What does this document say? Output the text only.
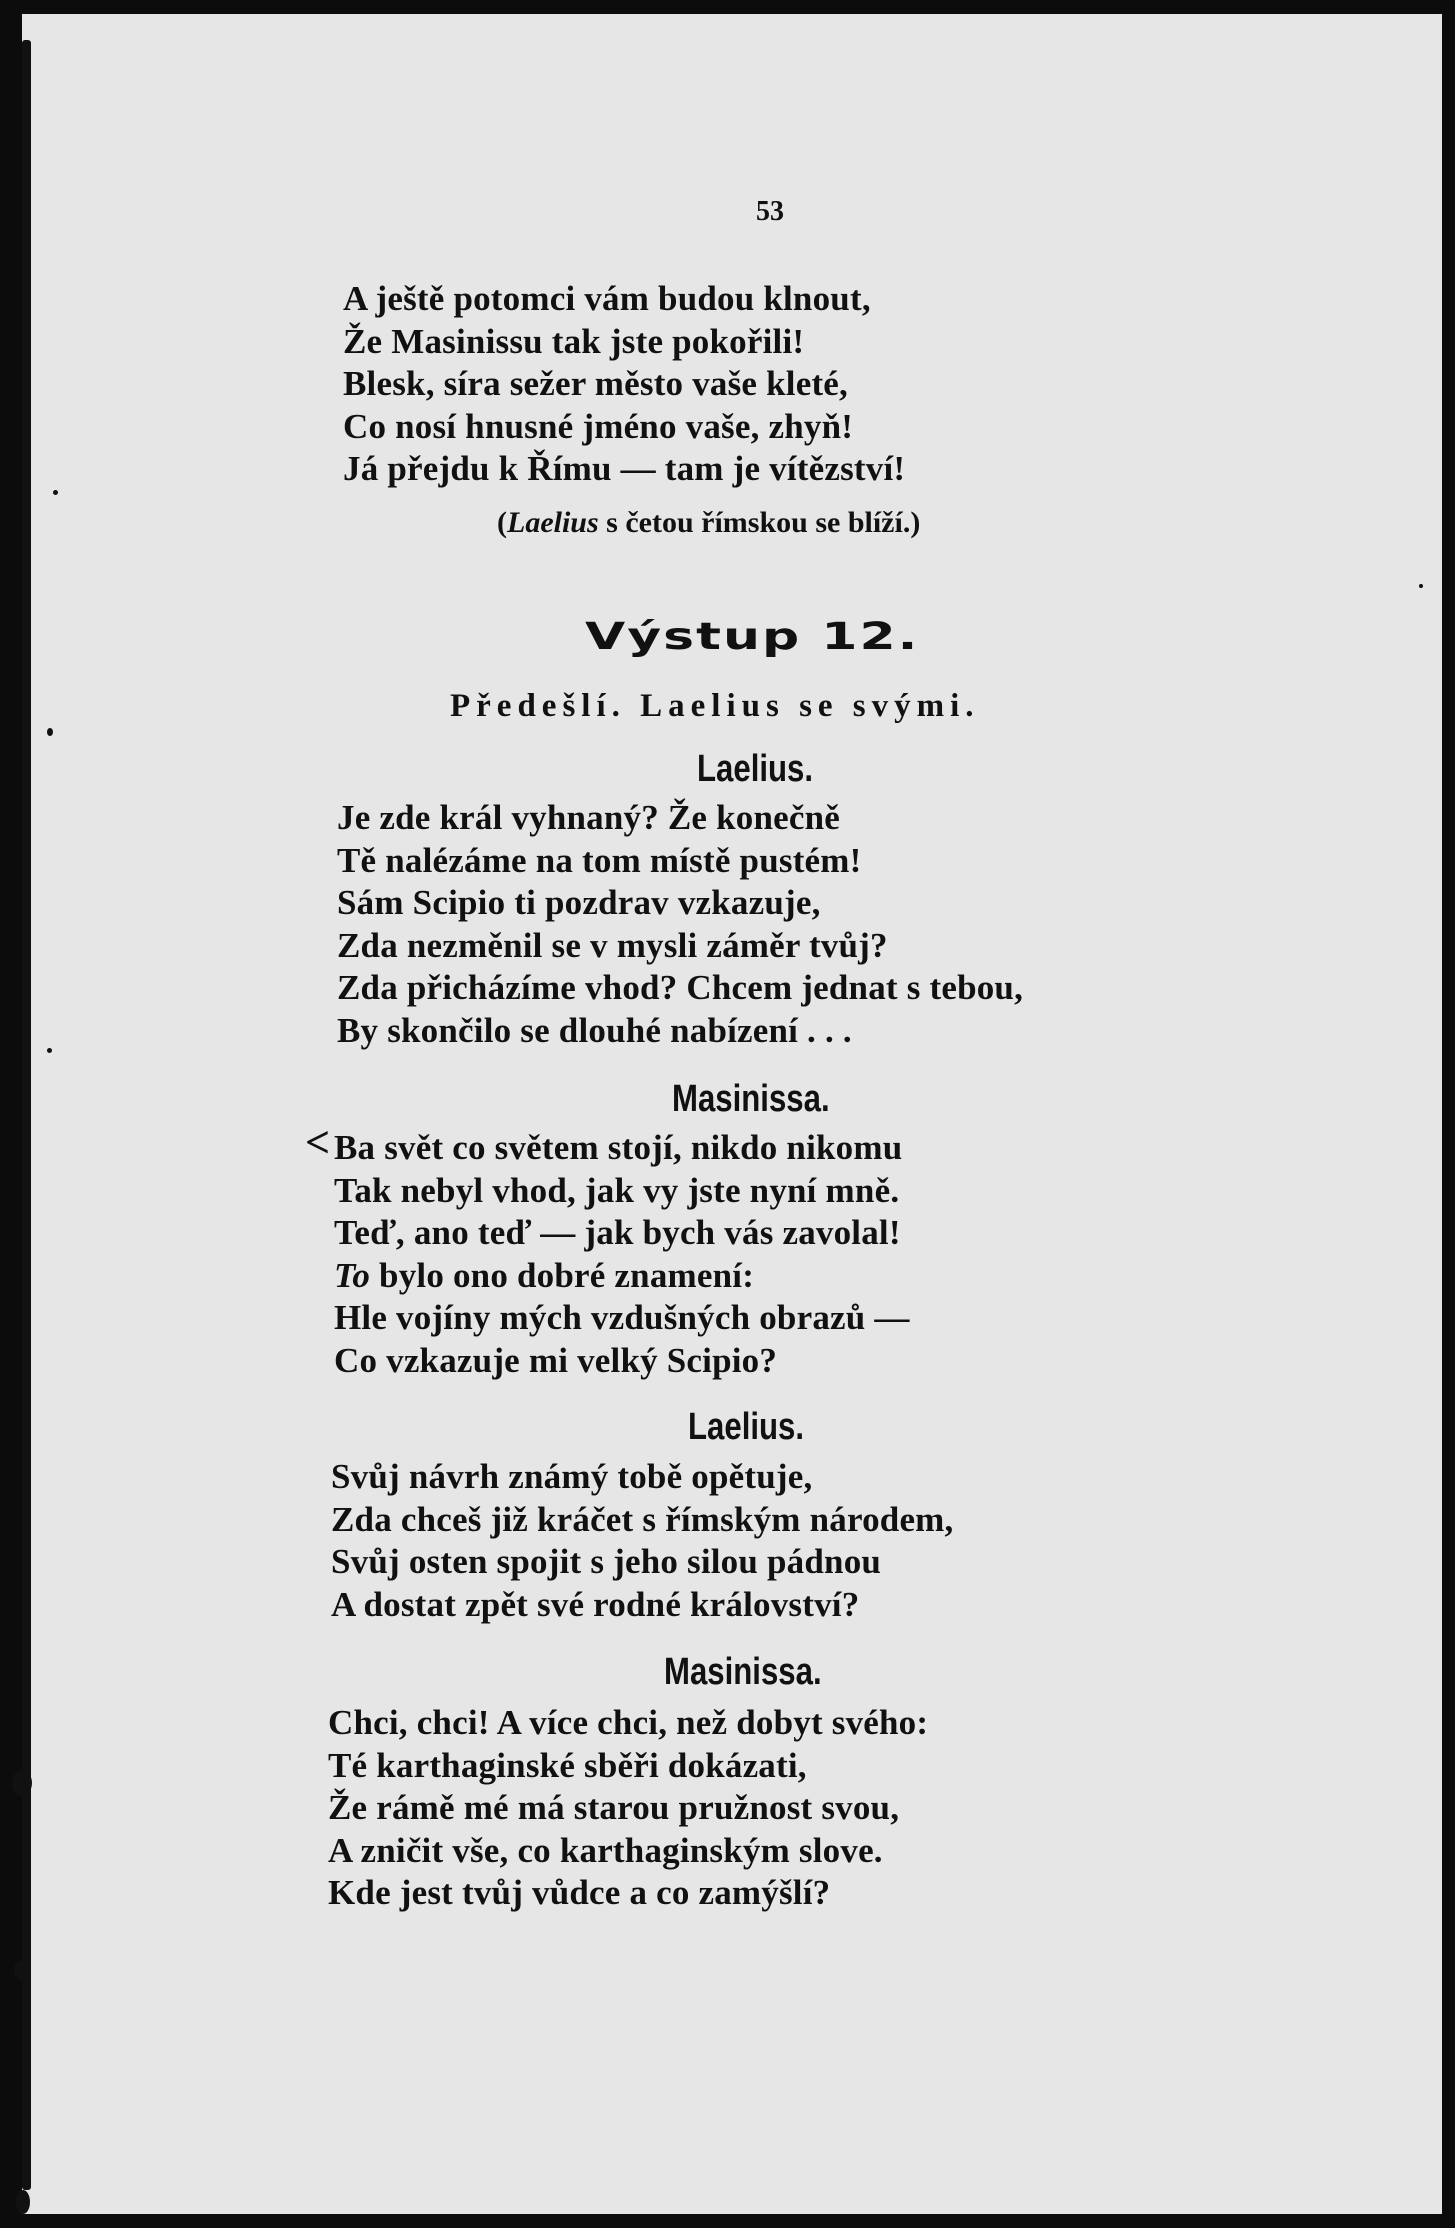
53
A ještě potomci vám budou klnout,
Že Masinissu tak jste pokořili!
Blesk, síra sežer město vaše kleté,
Co nosí hnusné jméno vaše, zhyň!
Já přejdu k Římu — tam je vítězství!
(Laelius s četou římskou se blíží.)
Výstup 12.
Předešlí. Laelius se svými.
Laelius.
Je zde král vyhnaný? Že konečně
Tě nalézáme na tom místě pustém!
Sám Scipio ti pozdrav vzkazuje,
Zda nezměnil se v mysli záměr tvůj?
Zda přicházíme vhod? Chcem jednat s tebou,
By skončilo se dlouhé nabízení . . .
Masinissa.
< Ba svět co světem stojí, nikdo nikomu
Tak nebyl vhod, jak vy jste nyní mně.
Teď, ano teď — jak bych vás zavolal!
To bylo ono dobré znamení:
Hle vojíny mých vzdušných obrazů —
Co vzkazuje mi velký Scipio?
Laelius.
Svůj návrh známý tobě opětuje,
Zda chceš již kráčet s římským národem,
Svůj osten spojit s jeho silou pádnou
A dostat zpět své rodné království?
Masinissa.
Chci, chci! A více chci, než dobyt svého:
Té karthaginské sběři dokázati,
Že rámě mé má starou pružnost svou,
A zničit vše, co karthaginským slove.
Kde jest tvůj vůdce a co zamýšlí?
